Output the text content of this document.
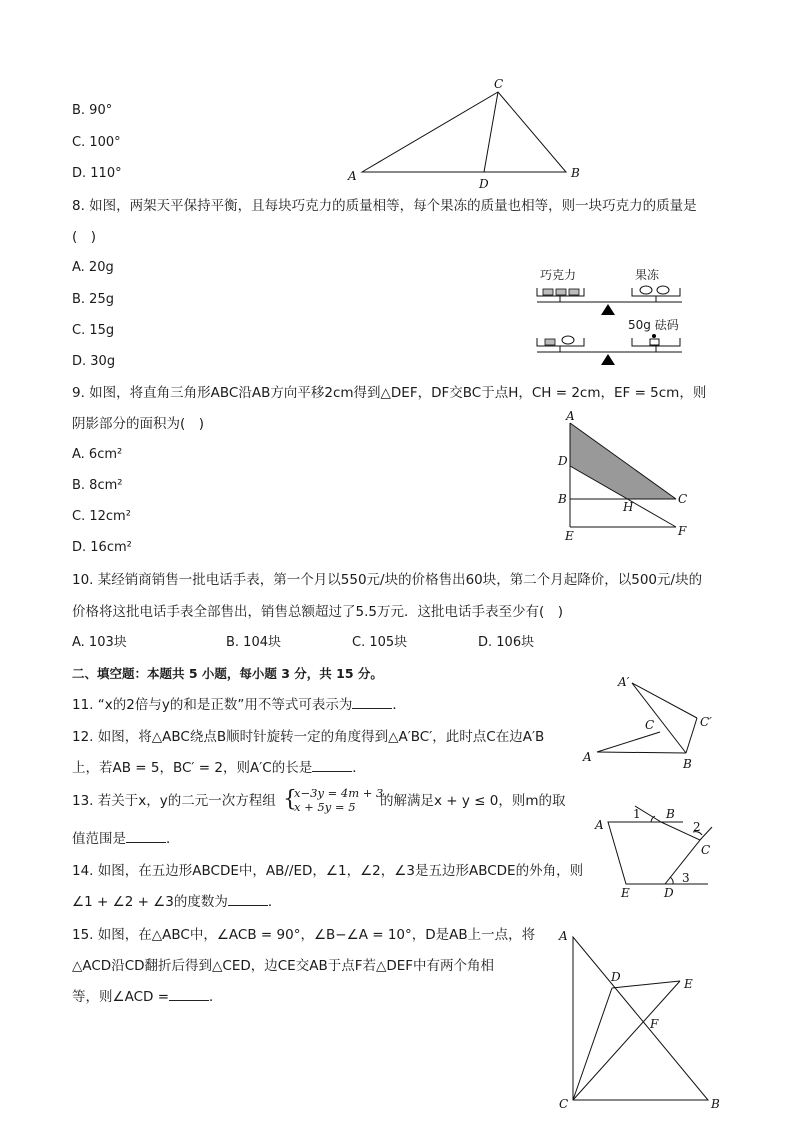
B. 90°
C. 100°
D. 110°
C
A
D
B
8. 如图，两架天平保持平衡，且每块巧克力的质量相等，每个果冻的质量也相等，则一块巧克力的质量是
(　)
A. 20g
B. 25g
C. 15g
D. 30g
巧克力	果冻
50g 砝码
9. 如图，将直角三角形ABC沿AB方向平移2cm得到△DEF，DF交BC于点H，CH = 2cm，EF = 5cm，则
阴影部分的面积为(　)
A. 6cm²
B. 8cm²
C. 12cm²
D. 16cm²
A
D
B
H
C
E	F
10. 某经销商销售一批电话手表，第一个月以550元/块的价格售出60块，第二个月起降价，以500元/块的
价格将这批电话手表全部售出，销售总额超过了5.5万元．这批电话手表至少有(　)
A. 103块	B. 104块	C. 105块	D. 106块
二、填空题：本题共 5 小题，每小题 3 分，共 15 分。
11. “x的2倍与y的和是正数”用不等式可表示为	．
12. 如图，将△ABC绕点B顺时针旋转一定的角度得到△A′BC′，此时点C在边A′B
上，若AB = 5，BC′ = 2，则A′C的长是	．
A′
C	C′
A	B
13. 若关于x，y的二元一次方程组 {
x−3y = 4m + 3
x + 5y = 5 的解满足x + y ≤ 0，则m的取
值范围是	．
A
1 B
2
C
E	D
3
14. 如图，在五边形ABCDE中，AB//ED，∠1，∠2，∠3是五边形ABCDE的外角，则
∠1 + ∠2 + ∠3的度数为	．
15. 如图，在△ABC中，∠ACB = 90°，∠B−∠A = 10°，D是AB上一点，将
△ACD沿CD翻折后得到△CED，边CE交AB于点F若△DEF中有两个角相
等，则∠ACD =	．
A
D	E
F
C	B
